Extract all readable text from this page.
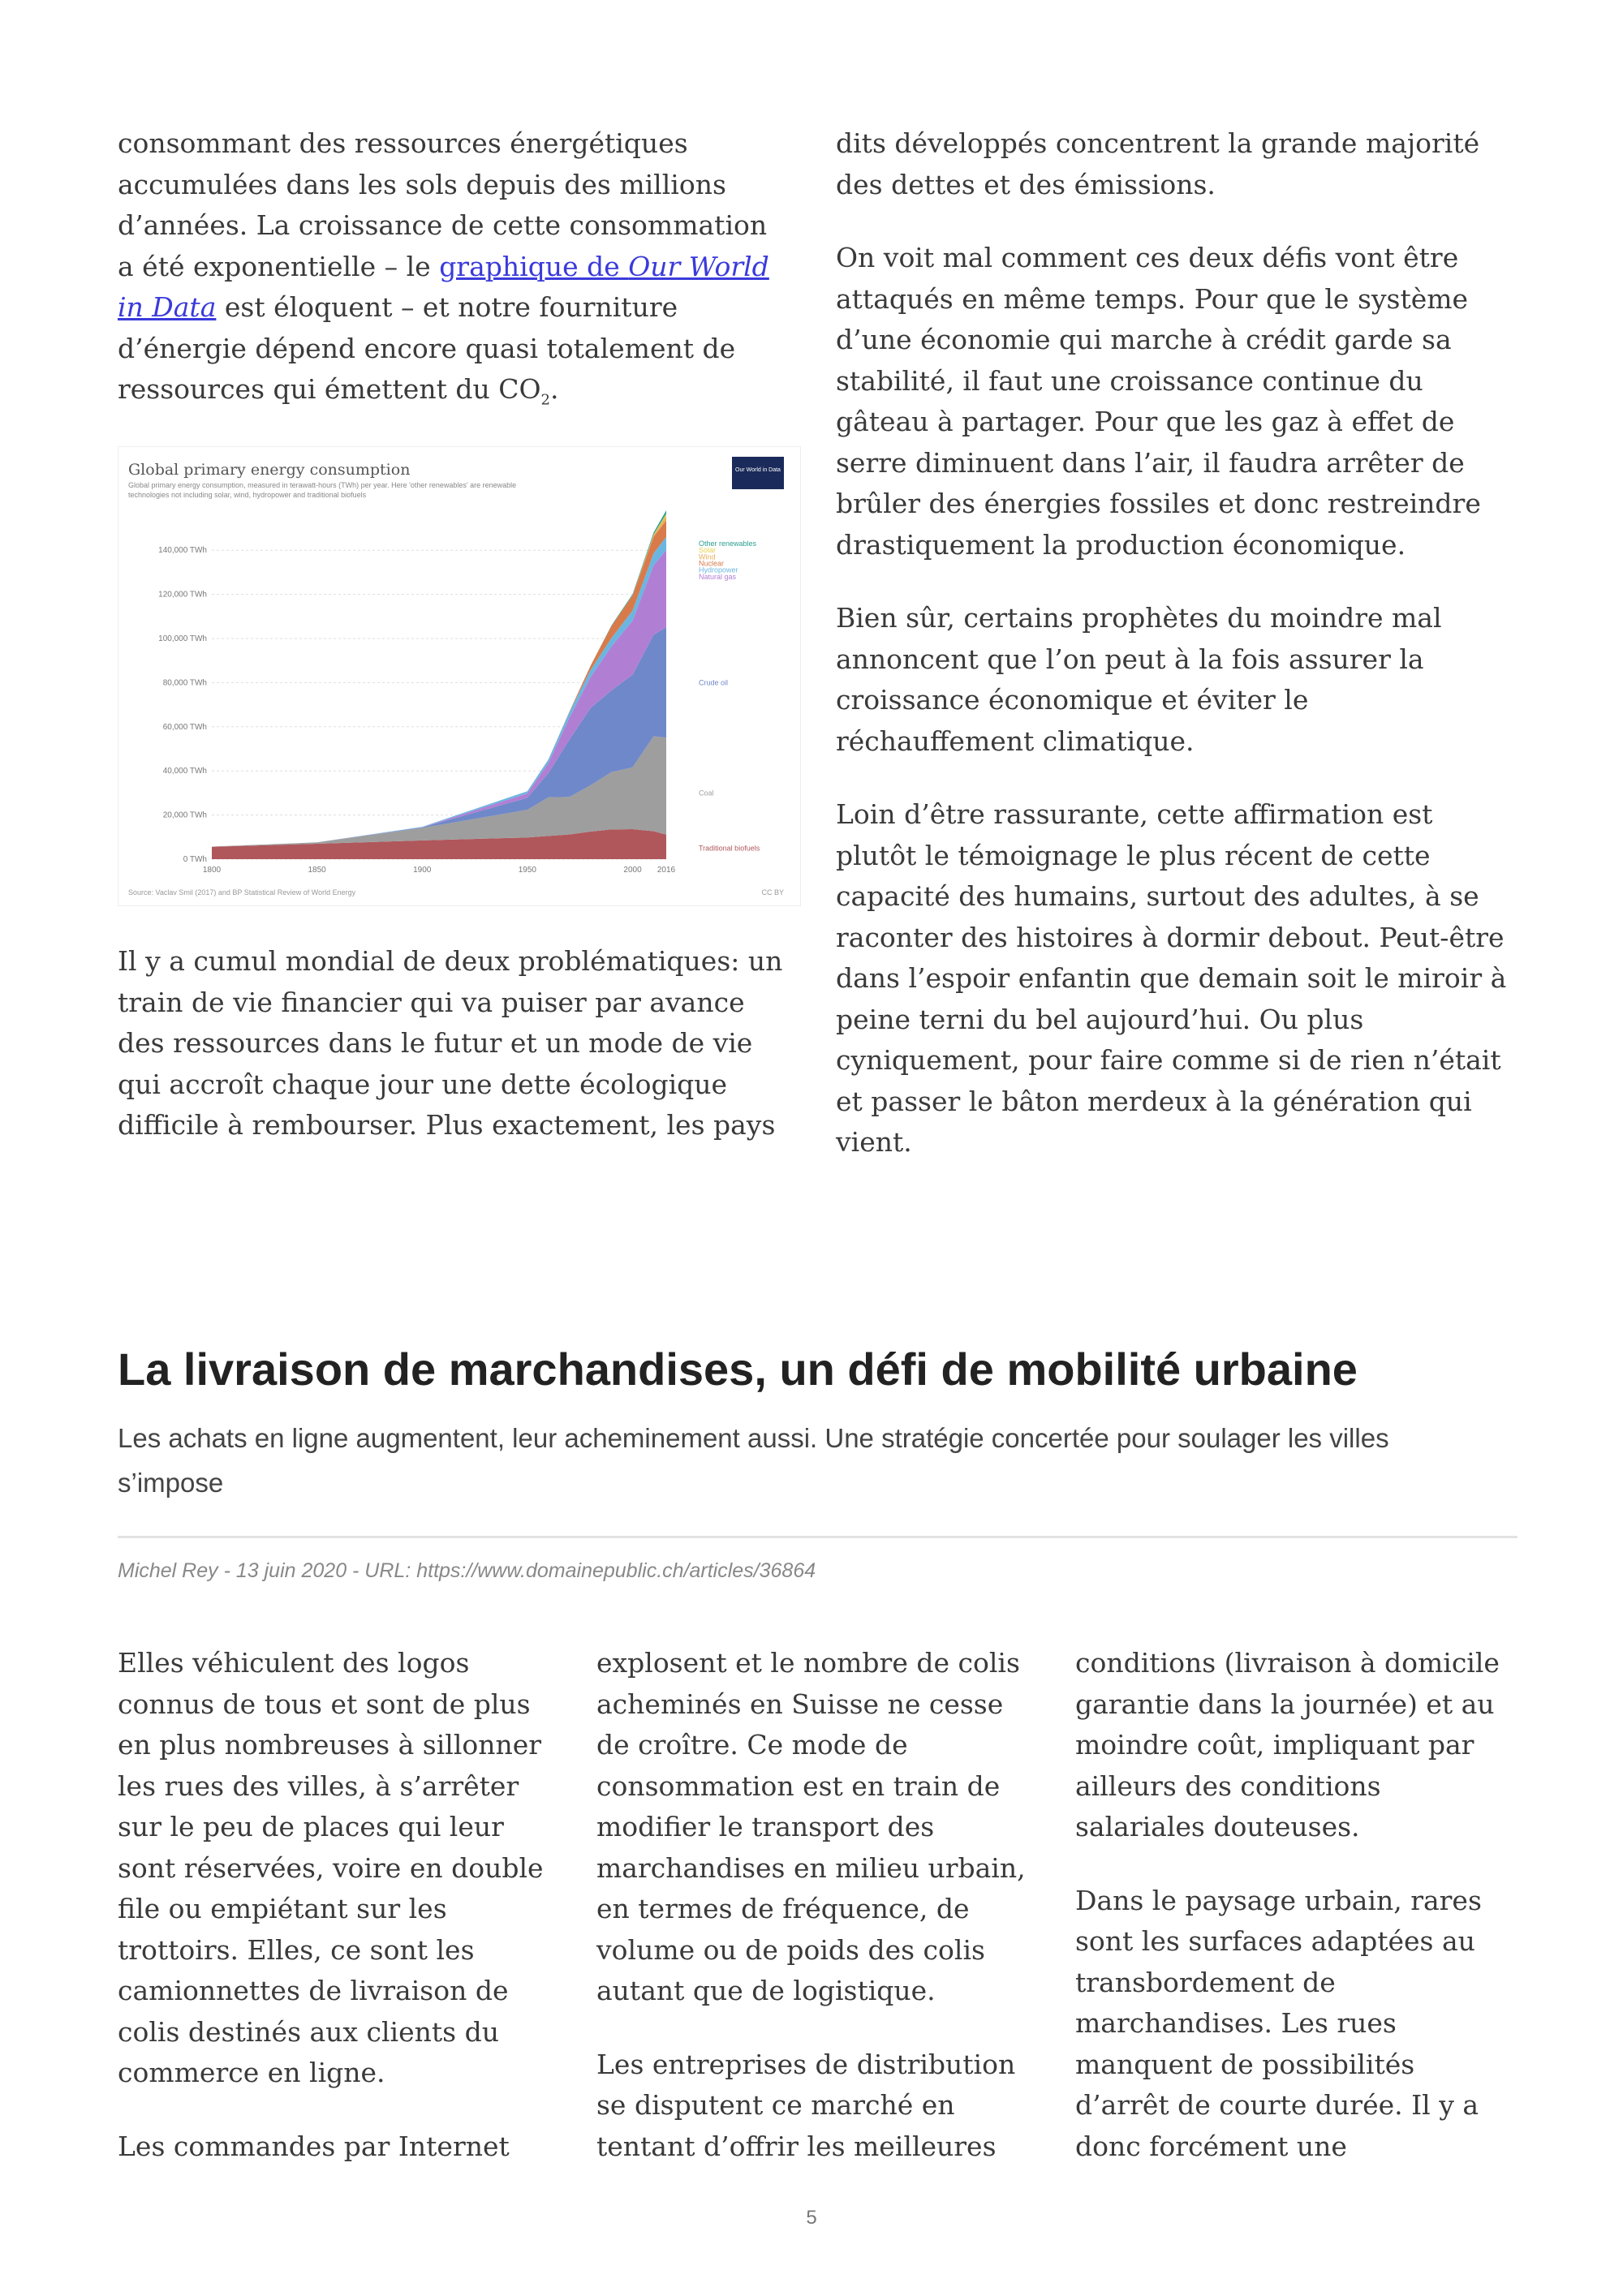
consommant des ressources énergétiques
accumulées dans les sols depuis des millions
d’années. La croissance de cette consommation
a été exponentielle – le graphique de Our World
in Data est éloquent – et notre fourniture
d’énergie dépend encore quasi totalement de
ressources qui émettent du $CO_2$.

Global primary energy consumption
Global primary energy consumption, measured in terawatt-hours (TWh) per year. Here 'other renewables' are renewable
technologies not including solar, wind, hydropower and traditional biofuels
Our World in Data
0 TWh
20,000 TWh
40,000 TWh
60,000 TWh
80,000 TWh
100,000 TWh
120,000 TWh
140,000 TWh
1800	1850	1900	1950	2000 2016
Other renewables
Solar
Wind
Nuclear
Hydropower
Natural gas
Crude oil
Coal
Traditional biofuels
Source: Vaclav Smil (2017) and BP Statistical Review of World Energy	CC BY

Il y a cumul mondial de deux problématiques: un
train de vie financier qui va puiser par avance
des ressources dans le futur et un mode de vie
qui accroît chaque jour une dette écologique
difficile à rembourser. Plus exactement, les pays

dits développés concentrent la grande majorité
des dettes et des émissions.

On voit mal comment ces deux défis vont être
attaqués en même temps. Pour que le système
d’une économie qui marche à crédit garde sa
stabilité, il faut une croissance continue du
gâteau à partager. Pour que les gaz à effet de
serre diminuent dans l’air, il faudra arrêter de
brûler des énergies fossiles et donc restreindre
drastiquement la production économique.

Bien sûr, certains prophètes du moindre mal
annoncent que l’on peut à la fois assurer la
croissance économique et éviter le
réchauffement climatique.

Loin d’être rassurante, cette affirmation est
plutôt le témoignage le plus récent de cette
capacité des humains, surtout des adultes, à se
raconter des histoires à dormir debout. Peut-être
dans l’espoir enfantin que demain soit le miroir à
peine terni du bel aujourd’hui. Ou plus
cyniquement, pour faire comme si de rien n’était
et passer le bâton merdeux à la génération qui
vient.

La livraison de marchandises, un défi de mobilité urbaine
Les achats en ligne augmentent, leur acheminement aussi. Une stratégie concertée pour soulager les villes
s’impose
Michel Rey - 13 juin 2020 - URL: https://www.domainepublic.ch/articles/36864

Elles véhiculent des logos
connus de tous et sont de plus
en plus nombreuses à sillonner
les rues des villes, à s’arrêter
sur le peu de places qui leur
sont réservées, voire en double
file ou empiétant sur les
trottoirs. Elles, ce sont les
camionnettes de livraison de
colis destinés aux clients du
commerce en ligne.

Les commandes par Internet

explosent et le nombre de colis
acheminés en Suisse ne cesse
de croître. Ce mode de
consommation est en train de
modifier le transport des
marchandises en milieu urbain,
en termes de fréquence, de
volume ou de poids des colis
autant que de logistique.

Les entreprises de distribution
se disputent ce marché en
tentant d’offrir les meilleures

conditions (livraison à domicile
garantie dans la journée) et au
moindre coût, impliquant par
ailleurs des conditions
salariales douteuses.

Dans le paysage urbain, rares
sont les surfaces adaptées au
transbordement de
marchandises. Les rues
manquent de possibilités
d’arrêt de courte durée. Il y a
donc forcément une

5
